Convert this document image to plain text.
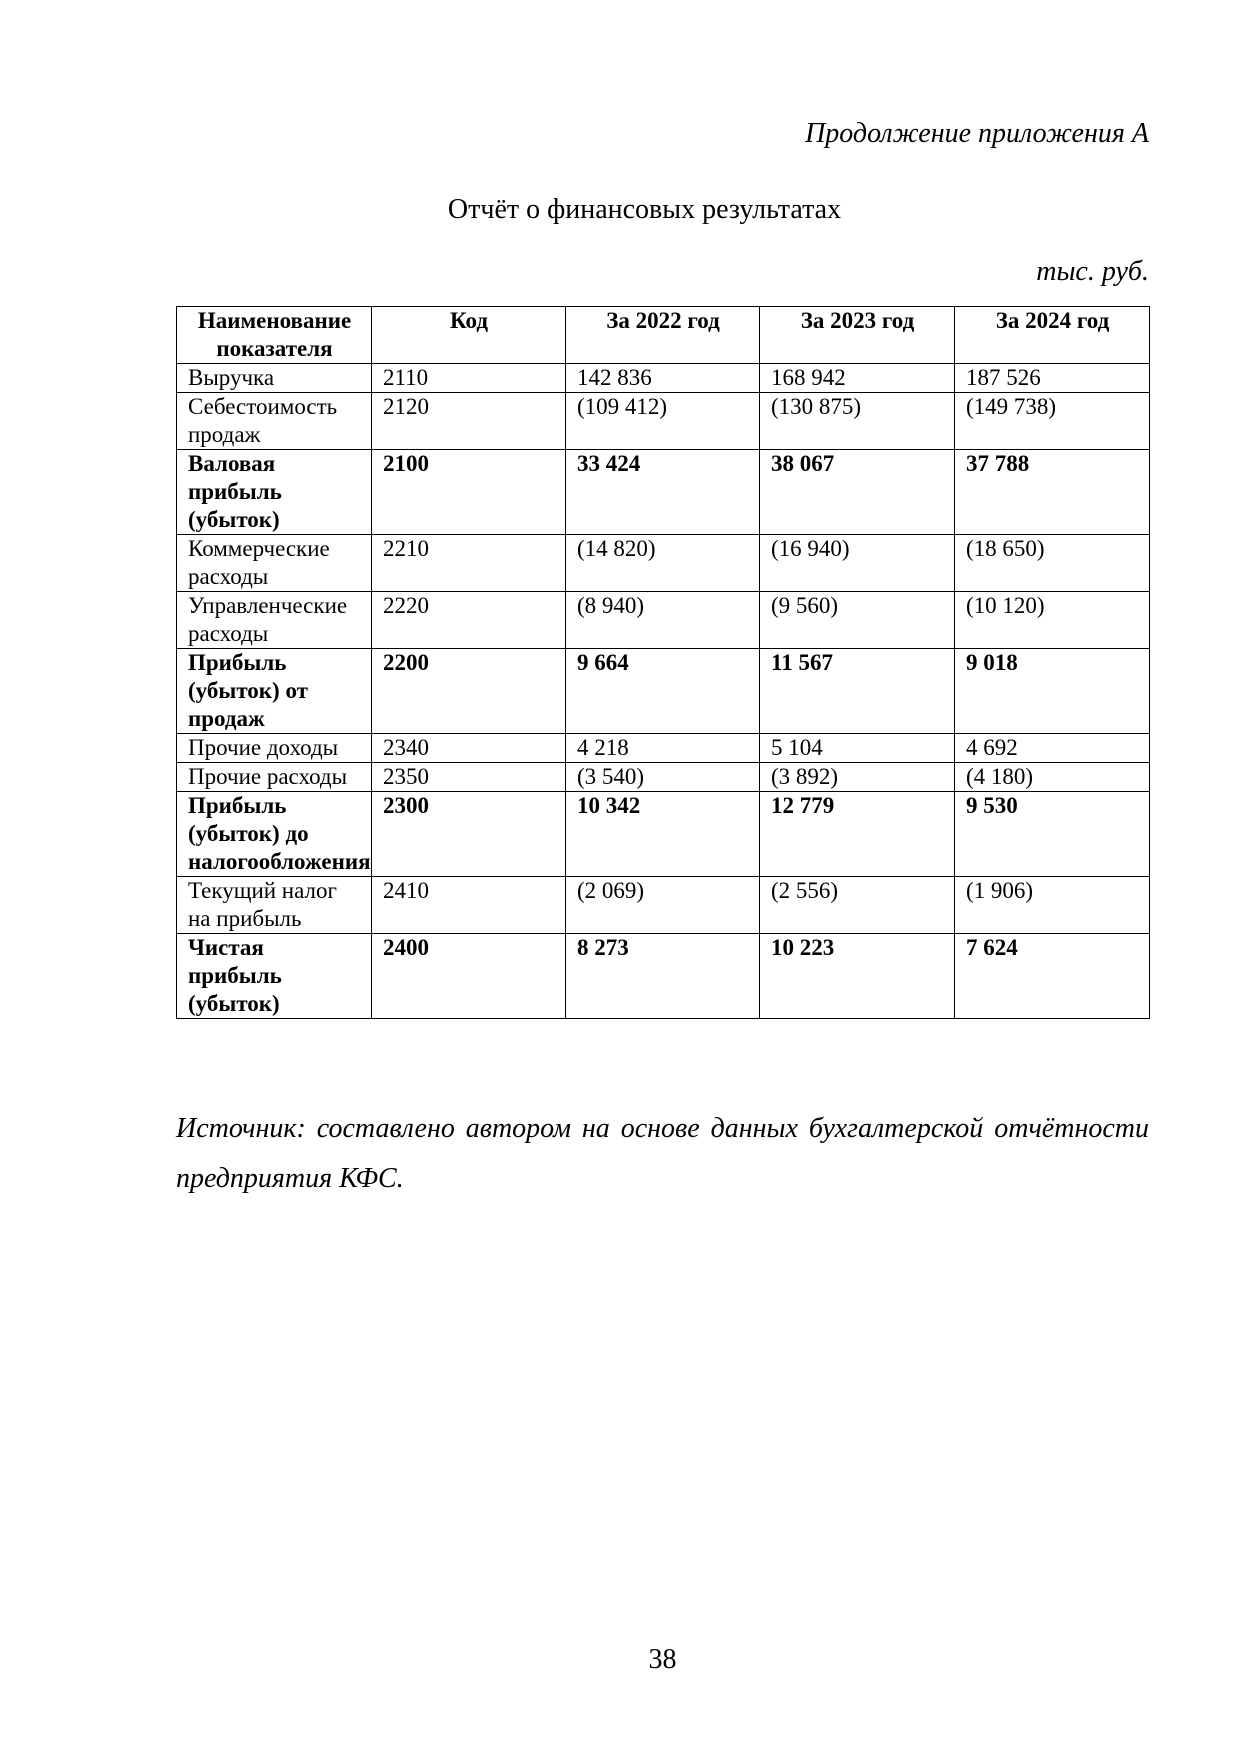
Продолжение приложения А

Отчёт о финансовых результатах

тыс. руб.

Наименование показателя	Код	За 2022 год	За 2023 год	За 2024 год
Выручка	2110	142 836	168 942	187 526
Себестоимость продаж	2120	(109 412)	(130 875)	(149 738)
Валовая прибыль (убыток)	2100	33 424	38 067	37 788
Коммерческие расходы	2210	(14 820)	(16 940)	(18 650)
Управленческие расходы	2220	(8 940)	(9 560)	(10 120)
Прибыль (убыток) от продаж	2200	9 664	11 567	9 018
Прочие доходы	2340	4 218	5 104	4 692
Прочие расходы	2350	(3 540)	(3 892)	(4 180)
Прибыль (убыток) до налогообложения	2300	10 342	12 779	9 530
Текущий налог на прибыль	2410	(2 069)	(2 556)	(1 906)
Чистая прибыль (убыток)	2400	8 273	10 223	7 624

Источник: составлено автором на основе данных бухгалтерской отчётности предприятия КФС.

38
